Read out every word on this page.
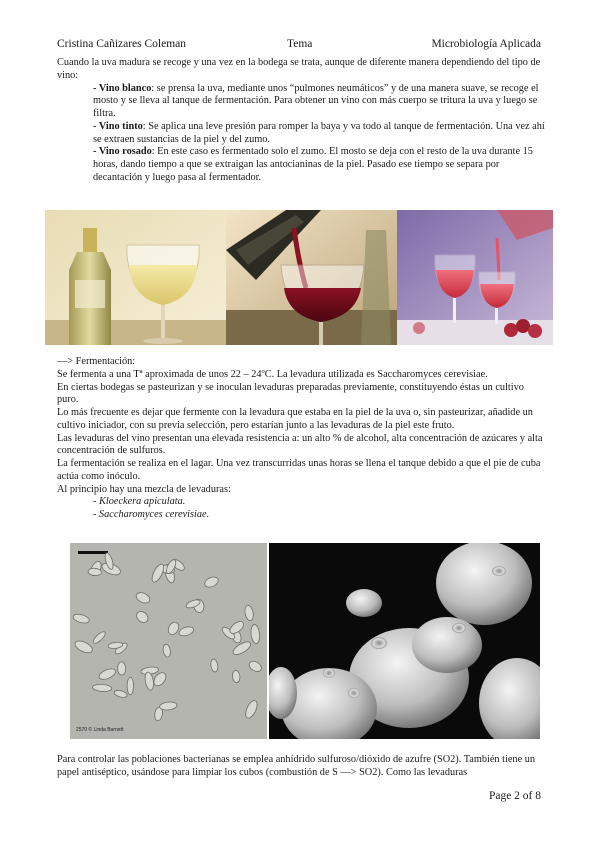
Cristina Cañizares Coleman	Tema	Microbiología Aplicada

Cuando la uva madura se recoge y una vez en la bodega se trata, aunque de diferente manera dependiendo del tipo de vino:

- Vino blanco: se prensa la uva, mediante unos “pulmones neumáticos” y de una manera suave, se recoge el mosto y se lleva al tanque de fermentación. Para obtener un vino con más cuerpo se tritura la uva y luego se filtra.

- Vino tinto: Se aplica una leve presión para romper la baya y va todo al tanque de fermentación. Una vez ahí se extraen sustancias de la piel y del zumo.

- Vino rosado: En este caso es fermentado solo el zumo. El mosto se deja con el resto de la uva durante 15 horas, dando tiempo a que se extraigan las antocianinas de la piel. Pasado ese tiempo se separa por decantación y luego pasa al fermentador.

—> Fermentación:

Se fermenta a una Tª aproximada de unos 22 – 24ºC. La levadura utilizada es Saccharomyces cerevisiae.

En ciertas bodegas se pasteurizan y se inoculan levaduras preparadas previamente, constituyendo éstas un cultivo puro.

Lo más frecuente es dejar que fermente con la levadura que estaba en la piel de la uva o, sin pasteurizar, añadide un cultivo iniciador, con su previa selección, pero estarían junto a las levaduras de la piel este fruto.

Las levaduras del vino presentan una elevada resistencia a: un alto % de alcohol, alta concentración de azúcares y alta concentración de sulfuros.

La fermentación se realiza en el lagar. Una vez transcurridas unas horas se llena el tanque debido a que el pie de cuba actúa como inóculo.

Al principio hay una mezcla de levaduras:

- Kloeckera apiculata.

- Saccharomyces cerevisiae.

2570 © Linda Barnett

Para controlar las poblaciones bacterianas se emplea anhídrido sulfuroso/dióxido de azufre (SO2). También tiene un papel antiséptico, usándose para limpiar los cubos (combustión de S —> SO2). Como las levaduras

Page 2 of 8
